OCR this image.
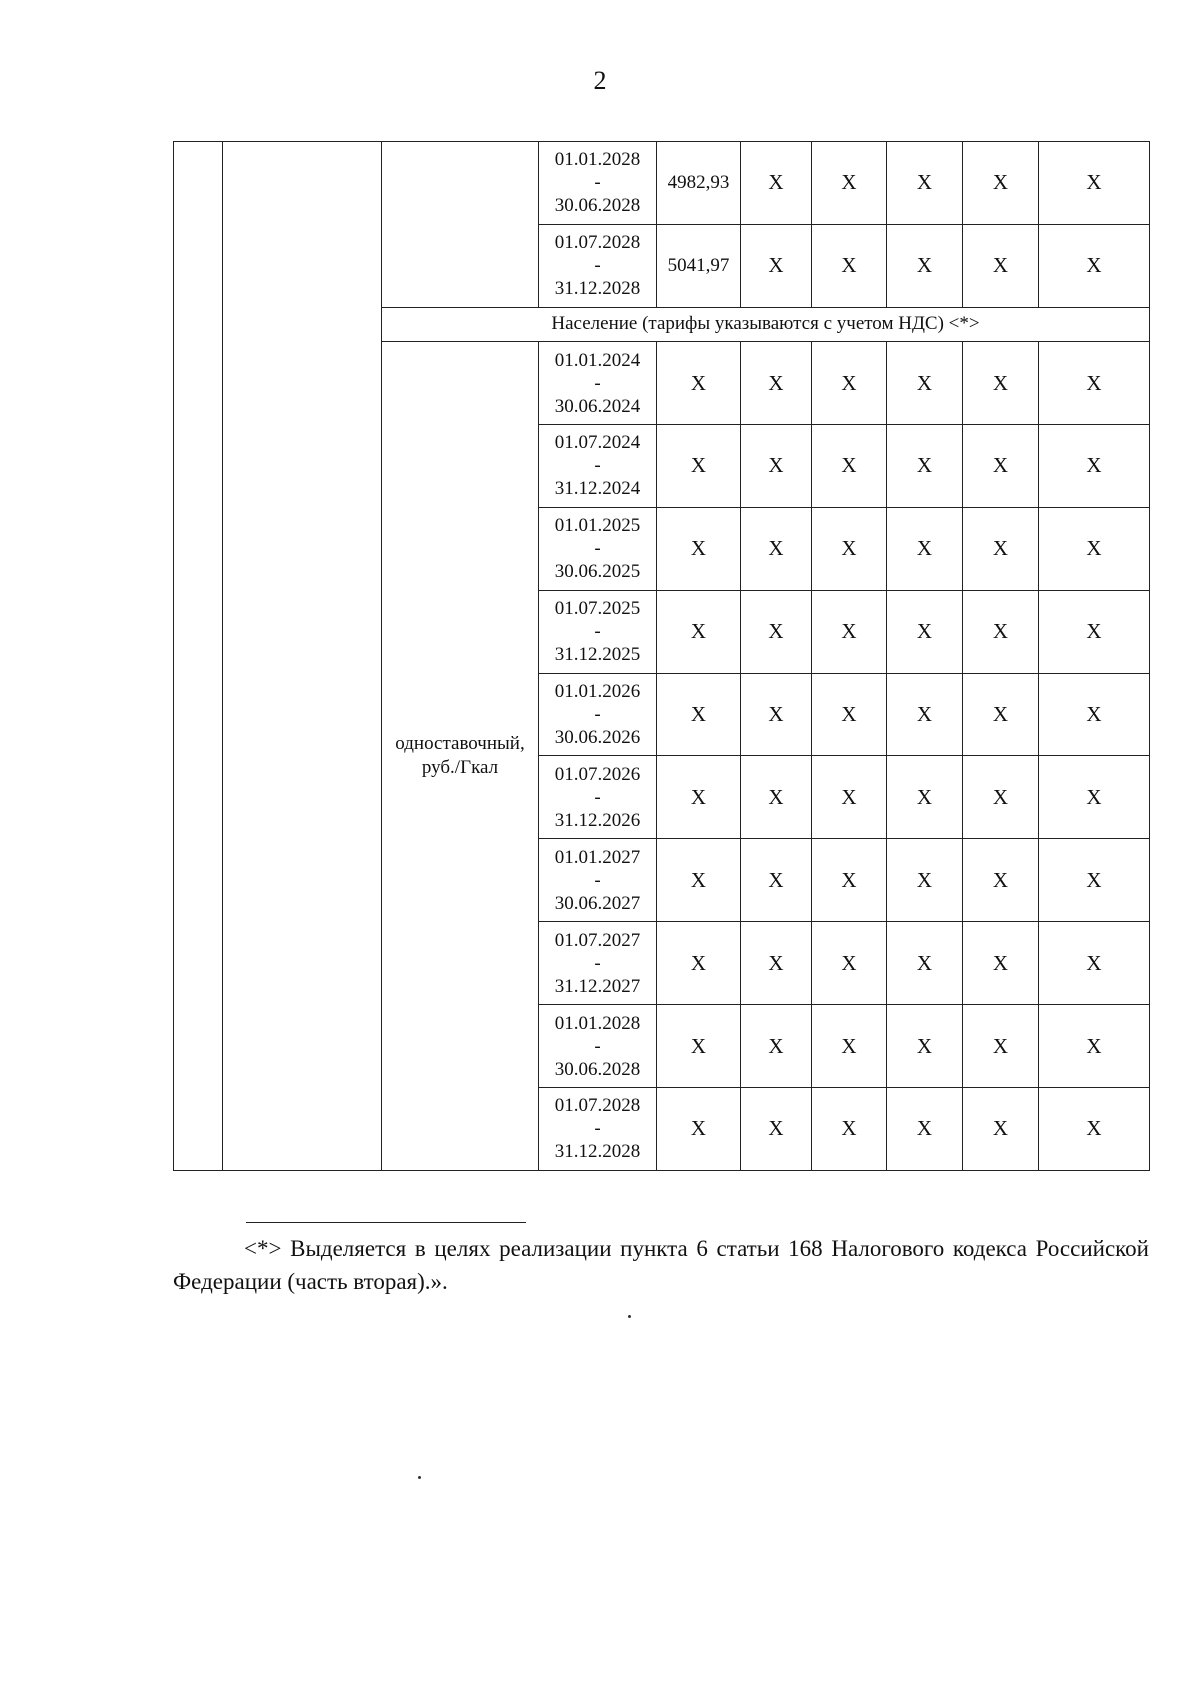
2

			01.01.2028
-
30.06.2028	4982,93	X	X	X	X	X

			01.07.2028
-
31.12.2028	5041,97	X	X	X	X	X
		Население (тарифы указываются с учетом НДС) <*>							
		одноставочный, руб./Гкал	01.01.2024
-
30.06.2024	X	X	X	X	X	X

			01.07.2024
-
31.12.2024	X	X	X	X	X	X

			01.01.2025
-
30.06.2025	X	X	X	X	X	X

			01.07.2025
-
31.12.2025	X	X	X	X	X	X

			01.01.2026
-
30.06.2026	X	X	X	X	X	X

			01.07.2026
-
31.12.2026	X	X	X	X	X	X

			01.01.2027
-
30.06.2027	X	X	X	X	X	X

			01.07.2027
-
31.12.2027	X	X	X	X	X	X

			01.01.2028
-
30.06.2028	X	X	X	X	X	X

			01.07.2028
-
31.12.2028	X	X	X	X	X	X
<*> Выделяется в целях реализации пункта 6 статьи 168 Налогового кодекса Российской Федерации (часть вторая).».
